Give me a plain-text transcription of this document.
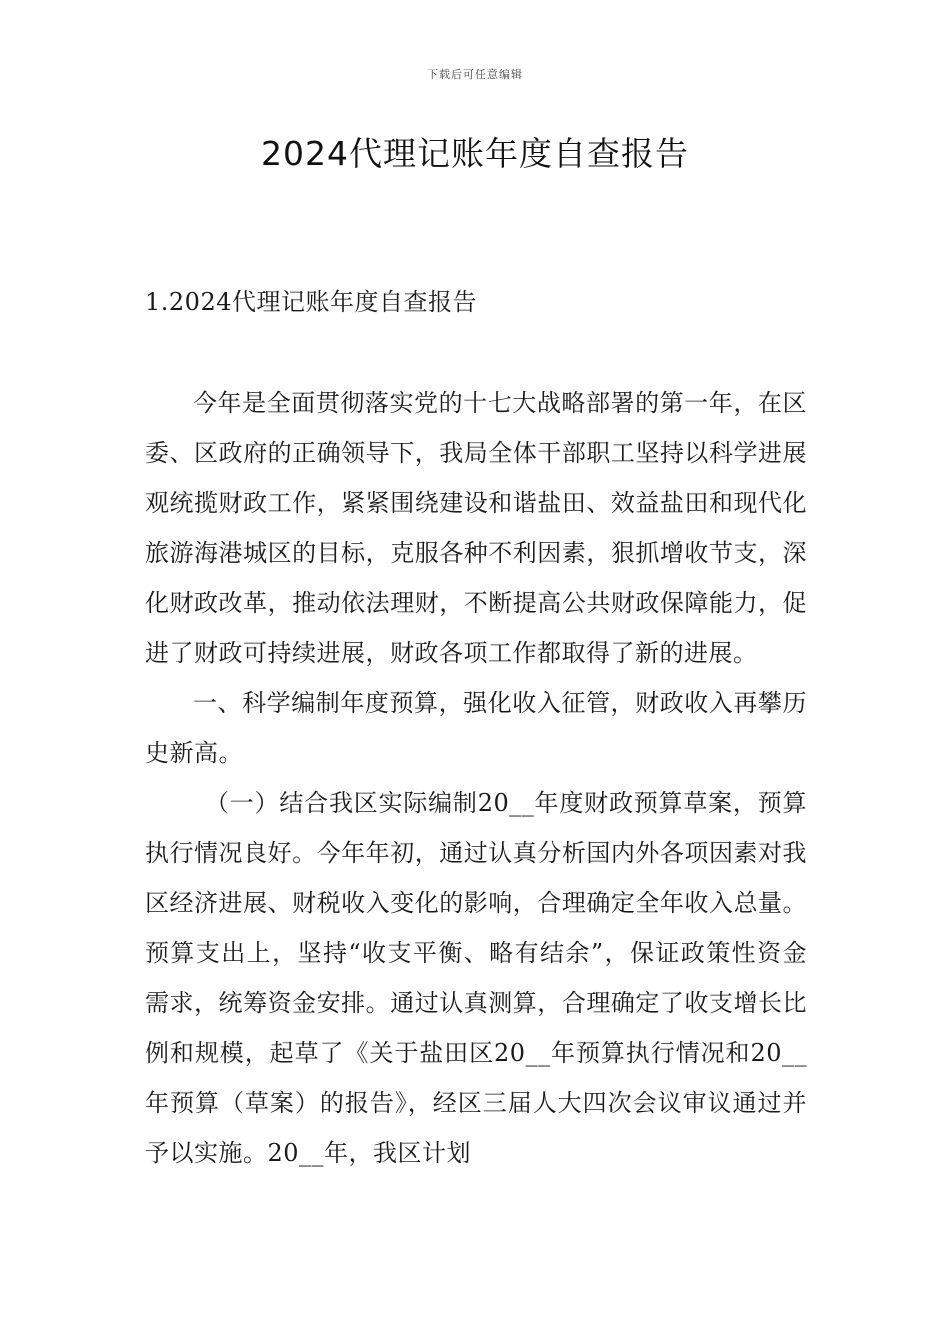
下载后可任意编辑
2024代理记账年度自查报告
1.2024代理记账年度自查报告

今年是全面贯彻落实党的十七大战略部署的第一年，在区委、区政府的正确领导下，我局全体干部职工坚持以科学进展观统揽财政工作，紧紧围绕建设和谐盐田、效益盐田和现代化旅游海港城区的目标，克服各种不利因素，狠抓增收节支，深化财政改革，推动依法理财，不断提高公共财政保障能力，促进了财政可持续进展，财政各项工作都取得了新的进展。

一、科学编制年度预算，强化收入征管，财政收入再攀历史新高。

（一）结合我区实际编制20__年度财政预算草案，预算执行情况良好。今年年初，通过认真分析国内外各项因素对我区经济进展、财税收入变化的影响，合理确定全年收入总量。预算支出上，坚持“收支平衡、略有结余”，保证政策性资金需求，统筹资金安排。通过认真测算，合理确定了收支增长比例和规模，起草了《关于盐田区20__年预算执行情况和20__年预算（草案）的报告》，经区三届人大四次会议审议通过并予以实施。20__年，我区计划
